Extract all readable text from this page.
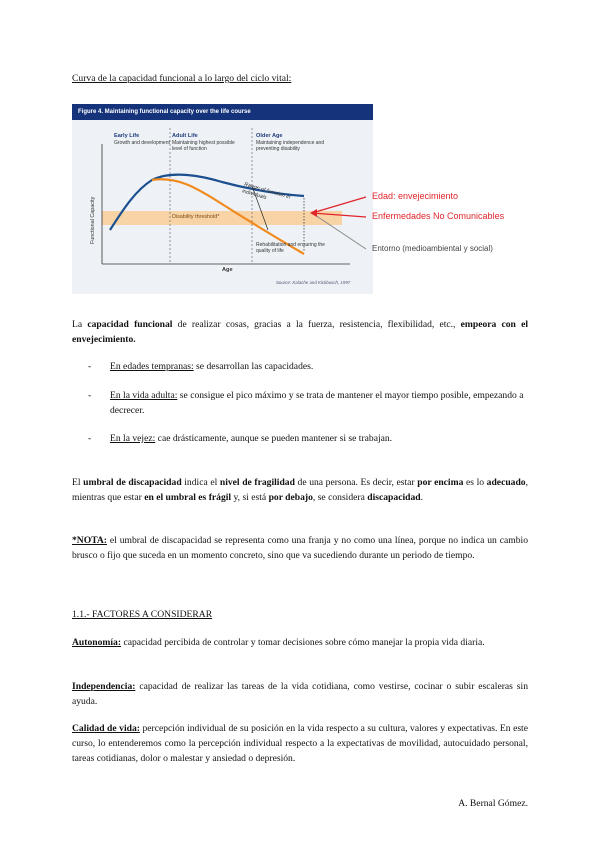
Curva de la capacidad funcional a lo largo del ciclo vital:

Figure 4. Maintaining functional capacity over the life course
Early Life
Growth and development
Adult Life
Maintaining highest possible level of function
Older Age
Maintaining independence and preventing disability
Functional Capacity
Age
Range of function in individuals
Disability threshold*
Rehabilitation and ensuring the quality of life
Source: Kalache and Kickbusch, 1997
Edad: envejecimiento
Enfermedades No Comunicables
Entorno (medioambiental y social)

La capacidad funcional de realizar cosas, gracias a la fuerza, resistencia, flexibilidad, etc., empeora con el envejecimiento.

- En edades tempranas: se desarrollan las capacidades.
- En la vida adulta: se consigue el pico máximo y se trata de mantener el mayor tiempo posible, empezando a decrecer.
- En la vejez: cae drásticamente, aunque se pueden mantener si se trabajan.

El umbral de discapacidad indica el nivel de fragilidad de una persona. Es decir, estar por encima es lo adecuado, mientras que estar en el umbral es frágil y, si está por debajo, se considera discapacidad.

*NOTA: el umbral de discapacidad se representa como una franja y no como una línea, porque no indica un cambio brusco o fijo que suceda en un momento concreto, sino que va sucediendo durante un periodo de tiempo.

1.1.- FACTORES A CONSIDERAR

Autonomía: capacidad percibida de controlar y tomar decisiones sobre cómo manejar la propia vida diaria.

Independencia: capacidad de realizar las tareas de la vida cotidiana, como vestirse, cocinar o subir escaleras sin ayuda.

Calidad de vida: percepción individual de su posición en la vida respecto a su cultura, valores y expectativas. En este curso, lo entenderemos como la percepción individual respecto a la expectativas de movilidad, autocuidado personal, tareas cotidianas, dolor o malestar y ansiedad o depresión.

A. Bernal Gómez.
